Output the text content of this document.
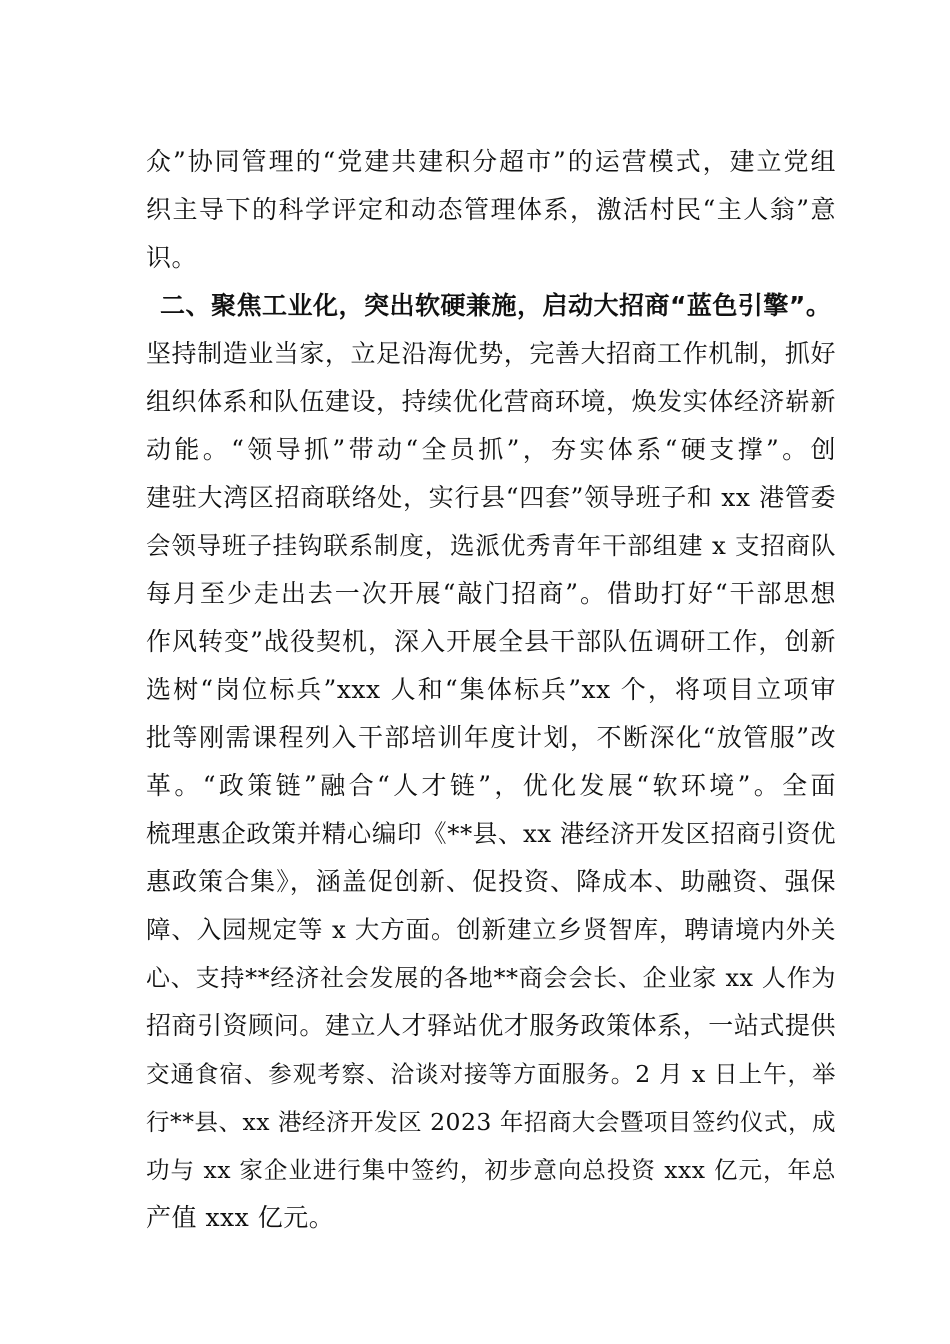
众”协同管理的“党建共建积分超市”的运营模式，建立党组

织主导下的科学评定和动态管理体系，激活村民“主人翁”意

识。

二、聚焦工业化，突出软硬兼施，启动大招商“蓝色引擎”。

坚持制造业当家，立足沿海优势，完善大招商工作机制，抓好

组织体系和队伍建设，持续优化营商环境，焕发实体经济崭新

动能。“领导抓”带动“全员抓”，夯实体系“硬支撑”。创

建驻大湾区招商联络处，实行县“四套”领导班子和 xx 港管委

会领导班子挂钩联系制度，选派优秀青年干部组建 x 支招商队

每月至少走出去一次开展“敲门招商”。借助打好“干部思想

作风转变”战役契机，深入开展全县干部队伍调研工作，创新

选树“岗位标兵”xxx 人和“集体标兵”xx 个，将项目立项审

批等刚需课程列入干部培训年度计划，不断深化“放管服”改

革。“政策链”融合“人才链”，优化发展“软环境”。全面

梳理惠企政策并精心编印《**县、xx 港经济开发区招商引资优

惠政策合集》，涵盖促创新、促投资、降成本、助融资、强保

障、入园规定等 x 大方面。创新建立乡贤智库，聘请境内外关

心、支持**经济社会发展的各地**商会会长、企业家 xx 人作为

招商引资顾问。建立人才驿站优才服务政策体系，一站式提供

交通食宿、参观考察、洽谈对接等方面服务。2 月 x 日上午，举

行**县、xx 港经济开发区 2023 年招商大会暨项目签约仪式，成

功与 xx 家企业进行集中签约，初步意向总投资 xxx 亿元，年总

产值 xxx 亿元。
